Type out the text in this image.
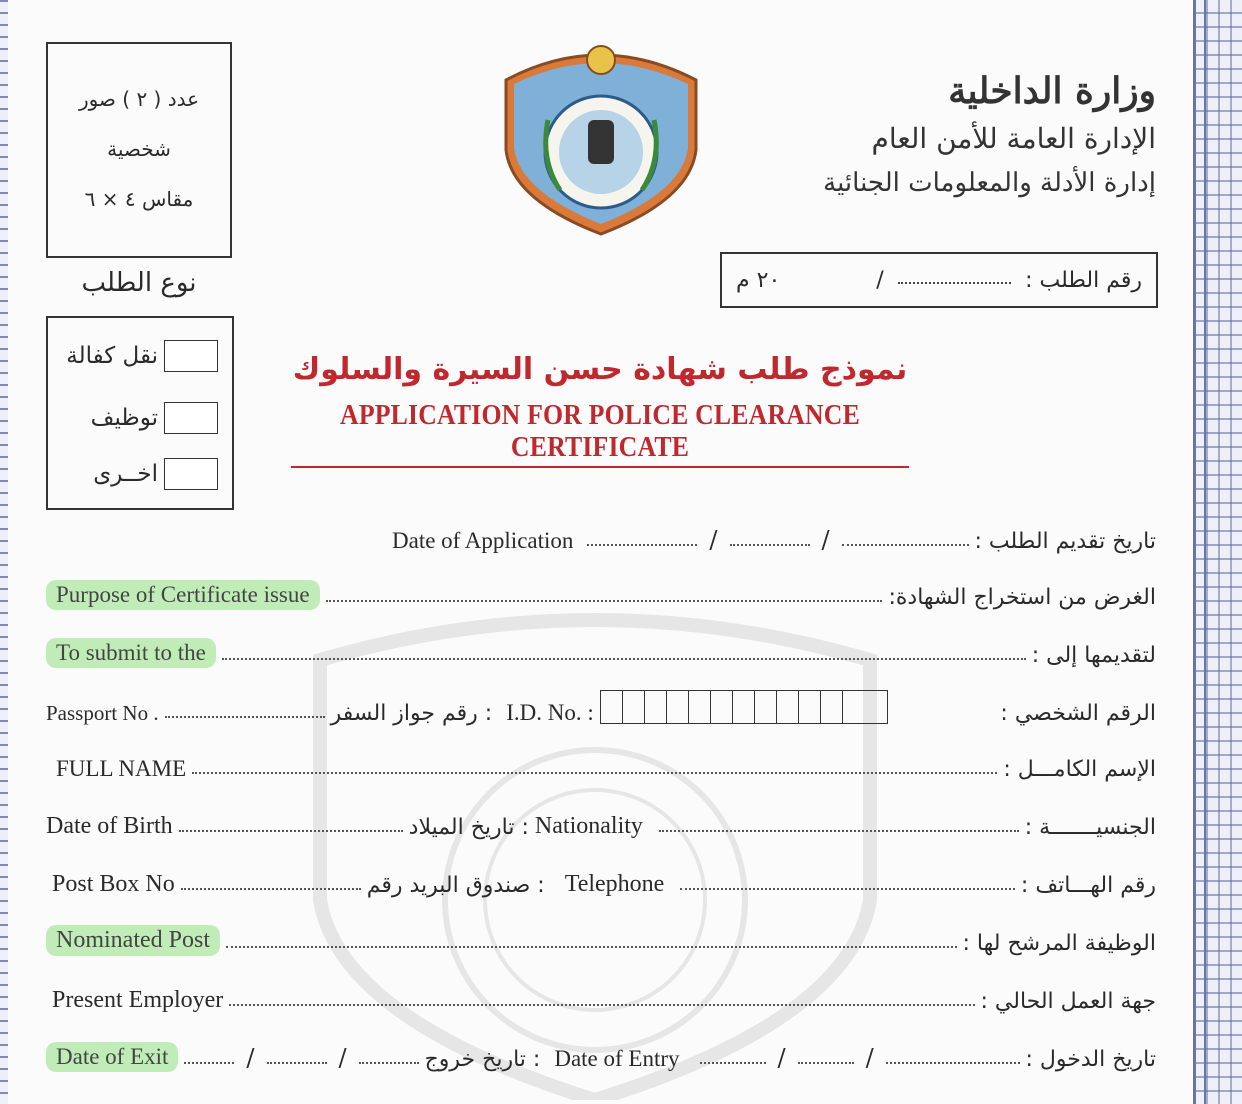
عدد ( ٢ ) صور
شخصية
مقاس ٤ × ٦
نوع الطلب
نقل كفالة
توظيف
اخــرى
وزارة الداخلية
الإدارة العامة للأمن العام
إدارة الأدلة والمعلومات الجنائية
رقم الطلب :
/
٢٠ م
نموذج طلب شهادة حسن السيرة والسلوك
APPLICATION FOR POLICE CLEARANCE CERTIFICATE
Date of Application	/	/	تاريخ تقديم الطلب :
Purpose of Certificate issue	الغرض من استخراج الشهادة:
To submit to the	لتقديمها إلى :
Passport No .	: رقم جواز السفر I.D. No. :	الرقم الشخصي :
FULL NAME	الإسم الكامـــل :
Date of Birth	: تاريخ الميلاد Nationality	الجنسيـــــــة :
Post Box No	: صندوق البريد رقم Telephone	رقم الهـــاتف :
Nominated Post	الوظيفة المرشح لها :
Present Employer	جهة العمل الحالي :
Date of Exit	/	/	: تاريخ خروج Date of Entry	/	/	تاريخ الدخول :
